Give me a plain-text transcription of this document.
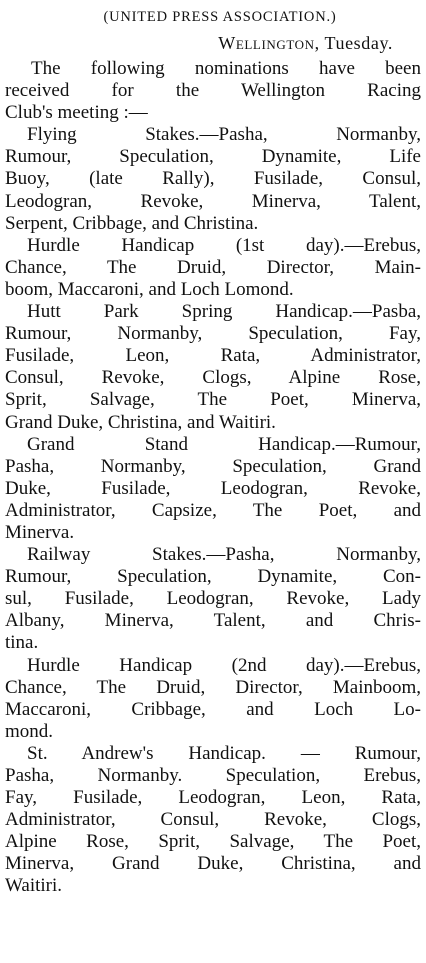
(UNITED PRESS ASSOCIATION.)
Wellington, Tuesday.
The following nominations have been
received for the Wellington Racing
Club's meeting :—
Flying Stakes.—Pasha, Normanby,
Rumour, Speculation, Dynamite, Life
Buoy, (late Rally), Fusilade, Consul,
Leodogran, Revoke, Minerva, Talent,
Serpent, Cribbage, and Christina.
Hurdle Handicap (1st day).—Erebus,
Chance, The Druid, Director, Main-
boom, Maccaroni, and Loch Lomond.
Hutt Park Spring Handicap.—Pasba,
Rumour, Normanby, Speculation, Fay,
Fusilade, Leon, Rata, Administrator,
Consul, Revoke, Clogs, Alpine Rose,
Sprit, Salvage, The Poet, Minerva,
Grand Duke, Christina, and Waitiri.
Grand Stand Handicap.—Rumour,
Pasha, Normanby, Speculation, Grand
Duke, Fusilade, Leodogran, Revoke,
Administrator, Capsize, The Poet, and
Minerva.
Railway Stakes.—Pasha, Normanby,
Rumour, Speculation, Dynamite, Con-
sul, Fusilade, Leodogran, Revoke, Lady
Albany, Minerva, Talent, and Chris-
tina.
Hurdle Handicap (2nd day).—Erebus,
Chance, The Druid, Director, Mainboom,
Maccaroni, Cribbage, and Loch Lo-
mond.
St. Andrew's Handicap. — Rumour,
Pasha, Normanby. Speculation, Erebus,
Fay, Fusilade, Leodogran, Leon, Rata,
Administrator, Consul, Revoke, Clogs,
Alpine Rose, Sprit, Salvage, The Poet,
Minerva, Grand Duke, Christina, and
Waitiri.
